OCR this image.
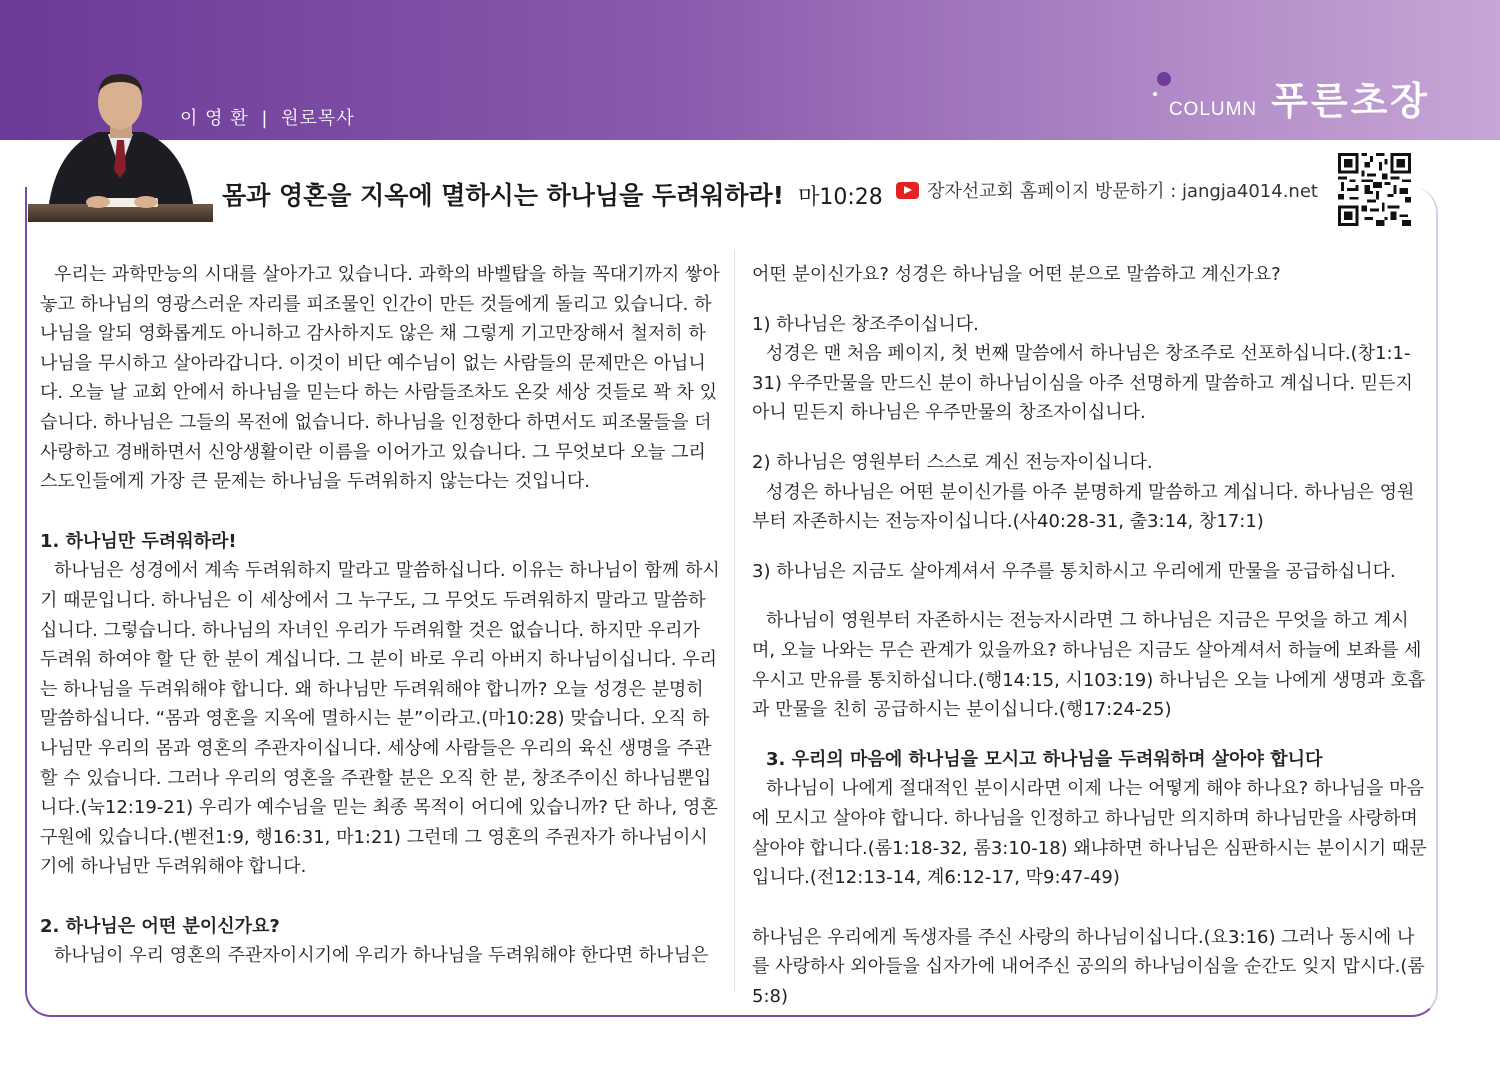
이 영 환 | 원로목사	COLUMN 푸른초장
몸과 영혼을 지옥에 멸하시는 하나님을 두려워하라! 마10:28 장자선교회 홈페이지 방문하기 : jangja4014.net

우리는 과학만능의 시대를 살아가고 있습니다. 과학의 바벨탑을 하늘 꼭대기까지 쌓아놓고 하나님의 영광스러운 자리를 피조물인 인간이 만든 것들에게 돌리고 있습니다. 하나님을 알되 영화롭게도 아니하고 감사하지도 않은 채 그렇게 기고만장해서 철저히 하나님을 무시하고 살아라갑니다. 이것이 비단 예수님이 없는 사람들의 문제만은 아닙니다. 오늘 날 교회 안에서 하나님을 믿는다 하는 사람들조차도 온갖 세상 것들로 꽉 차 있습니다. 하나님은 그들의 목전에 없습니다. 하나님을 인정한다 하면서도 피조물들을 더 사랑하고 경배하면서 신앙생활이란 이름을 이어가고 있습니다. 그 무엇보다 오늘 그리스도인들에게 가장 큰 문제는 하나님을 두려워하지 않는다는 것입니다.

1. 하나님만 두려워하라!

하나님은 성경에서 계속 두려워하지 말라고 말씀하십니다. 이유는 하나님이 함께 하시기 때문입니다. 하나님은 이 세상에서 그 누구도, 그 무엇도 두려워하지 말라고 말씀하십니다. 그렇습니다. 하나님의 자녀인 우리가 두려워할 것은 없습니다. 하지만 우리가 두려워 하여야 할 단 한 분이 계십니다. 그 분이 바로 우리 아버지 하나님이십니다. 우리는 하나님을 두려워해야 합니다. 왜 하나님만 두려워해야 합니까? 오늘 성경은 분명히 말씀하십니다. “몸과 영혼을 지옥에 멸하시는 분”이라고.(마10:28) 맞습니다. 오직 하나님만 우리의 몸과 영혼의 주관자이십니다. 세상에 사람들은 우리의 육신 생명을 주관할 수 있습니다. 그러나 우리의 영혼을 주관할 분은 오직 한 분, 창조주이신 하나님뿐입니다.(눅12:19-21) 우리가 예수님을 믿는 최종 목적이 어디에 있습니까? 단 하나, 영혼 구원에 있습니다.(벧전1:9, 행16:31, 마1:21) 그런데 그 영혼의 주권자가 하나님이시기에 하나님만 두려워해야 합니다.

2. 하나님은 어떤 분이신가요?

하나님이 우리 영혼의 주관자이시기에 우리가 하나님을 두려워해야 한다면 하나님은

어떤 분이신가요? 성경은 하나님을 어떤 분으로 말씀하고 계신가요?

1) 하나님은 창조주이십니다.

성경은 맨 처음 페이지, 첫 번째 말씀에서 하나님은 창조주로 선포하십니다.(창1:1-31) 우주만물을 만드신 분이 하나님이심을 아주 선명하게 말씀하고 계십니다. 믿든지 아니 믿든지 하나님은 우주만물의 창조자이십니다.

2) 하나님은 영원부터 스스로 계신 전능자이십니다.

성경은 하나님은 어떤 분이신가를 아주 분명하게 말씀하고 계십니다. 하나님은 영원부터 자존하시는 전능자이십니다.(사40:28-31, 출3:14, 창17:1)

3) 하나님은 지금도 살아계셔서 우주를 통치하시고 우리에게 만물을 공급하십니다.

하나님이 영원부터 자존하시는 전능자시라면 그 하나님은 지금은 무엇을 하고 계시며, 오늘 나와는 무슨 관계가 있을까요? 하나님은 지금도 살아계셔서 하늘에 보좌를 세우시고 만유를 통치하십니다.(행14:15, 시103:19) 하나님은 오늘 나에게 생명과 호흡과 만물을 친히 공급하시는 분이십니다.(행17:24-25)

3. 우리의 마음에 하나님을 모시고 하나님을 두려워하며 살아야 합니다

하나님이 나에게 절대적인 분이시라면 이제 나는 어떻게 해야 하나요? 하나님을 마음에 모시고 살아야 합니다. 하나님을 인정하고 하나님만 의지하며 하나님만을 사랑하며 살아야 합니다.(롬1:18-32, 롬3:10-18) 왜냐하면 하나님은 심판하시는 분이시기 때문입니다.(전12:13-14, 계6:12-17, 막9:47-49)

하나님은 우리에게 독생자를 주신 사랑의 하나님이십니다.(요3:16) 그러나 동시에 나를 사랑하사 외아들을 십자가에 내어주신 공의의 하나님이심을 순간도 잊지 맙시다.(롬5:8)
